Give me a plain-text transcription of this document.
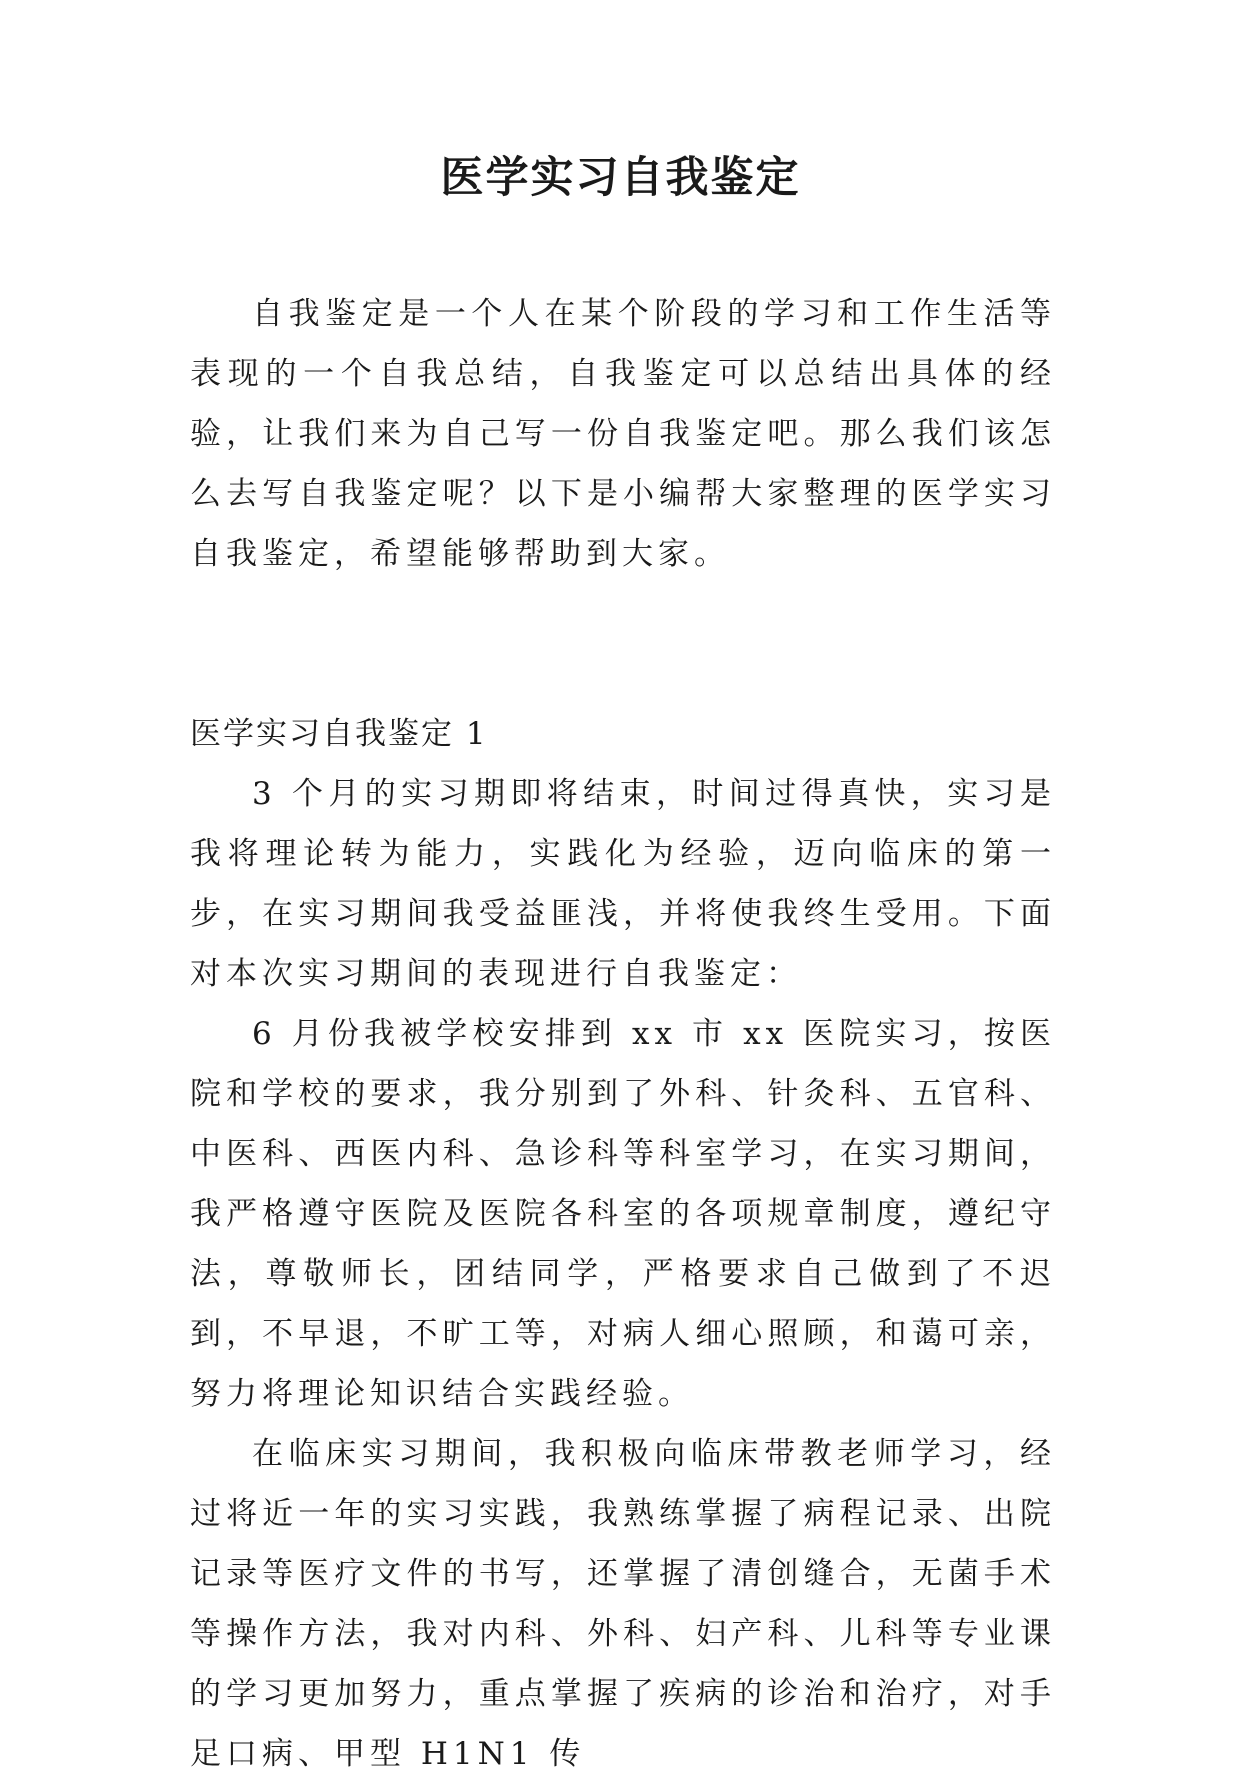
医学实习自我鉴定

自我鉴定是一个人在某个阶段的学习和工作生活等表现的一个自我总结，自我鉴定可以总结出具体的经验，让我们来为自己写一份自我鉴定吧。那么我们该怎么去写自我鉴定呢？以下是小编帮大家整理的医学实习自我鉴定，希望能够帮助到大家。

医学实习自我鉴定 1

3 个月的实习期即将结束，时间过得真快，实习是我将理论转为能力，实践化为经验，迈向临床的第一步，在实习期间我受益匪浅，并将使我终生受用。下面对本次实习期间的表现进行自我鉴定：

6 月份我被学校安排到 xx 市 xx 医院实习，按医院和学校的要求，我分别到了外科、针灸科、五官科、中医科、西医内科、急诊科等科室学习，在实习期间，我严格遵守医院及医院各科室的各项规章制度，遵纪守法，尊敬师长，团结同学，严格要求自己做到了不迟到，不早退，不旷工等，对病人细心照顾，和蔼可亲，努力将理论知识结合实践经验。

在临床实习期间，我积极向临床带教老师学习，经过将近一年的实习实践，我熟练掌握了病程记录、出院记录等医疗文件的书写，还掌握了清创缝合，无菌手术等操作方法，我对内科、外科、妇产科、儿科等专业课的学习更加努力，重点掌握了疾病的诊治和治疗，对手足口病、甲型 H1N1 传
